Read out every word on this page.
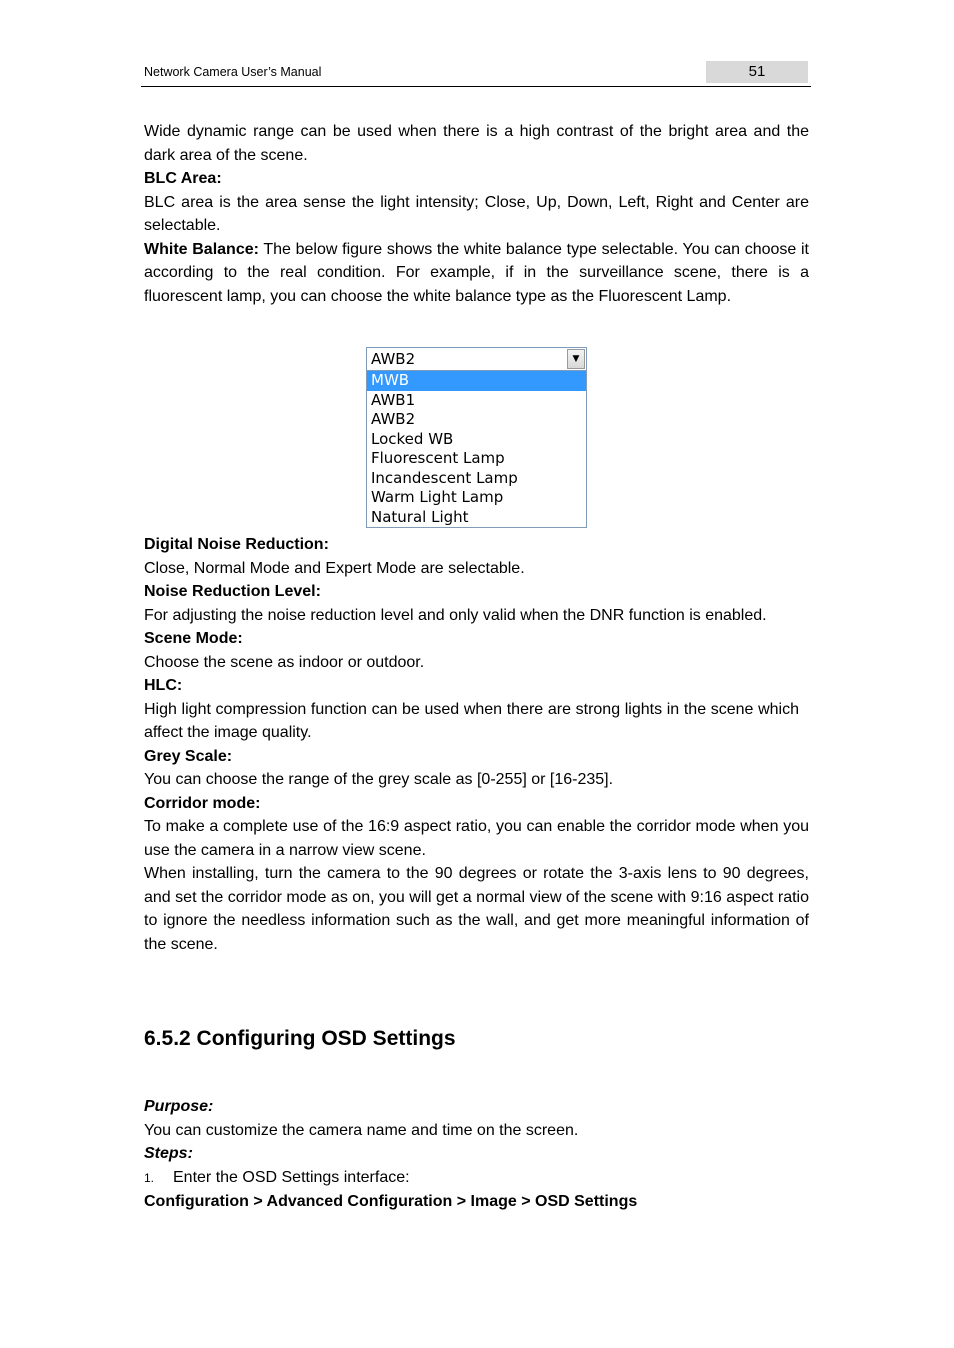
Network Camera User’s Manual	51

Wide dynamic range can be used when there is a high contrast of the bright area and the dark area of the scene.

BLC Area:

BLC area is the area sense the light intensity; Close, Up, Down, Left, Right and Center are selectable.

White Balance: The below figure shows the white balance type selectable. You can choose it according to the real condition. For example, if in the surveillance scene, there is a fluorescent lamp, you can choose the white balance type as the Fluorescent Lamp.

Digital Noise Reduction:

Close, Normal Mode and Expert Mode are selectable.

Noise Reduction Level:

For adjusting the noise reduction level and only valid when the DNR function is enabled.

Scene Mode:

Choose the scene as indoor or outdoor.

HLC:

High light compression function can be used when there are strong lights in the scene which affect the image quality.

Grey Scale:

You can choose the range of the grey scale as [0-255] or [16-235].

Corridor mode:

To make a complete use of the 16:9 aspect ratio, you can enable the corridor mode when you use the camera in a narrow view scene.

When installing, turn the camera to the 90 degrees or rotate the 3-axis lens to 90 degrees, and set the corridor mode as on, you will get a normal view of the scene with 9:16 aspect ratio to ignore the needless information such as the wall, and get more meaningful information of the scene.

AWB2	▼
MWB
AWB1
AWB2
Locked WB
Fluorescent Lamp
Incandescent Lamp
Warm Light Lamp
Natural Light
6.5.2 Configuring OSD Settings

Purpose:

You can customize the camera name and time on the screen.

Steps:

1. Enter the OSD Settings interface:

Configuration > Advanced Configuration > Image > OSD Settings
